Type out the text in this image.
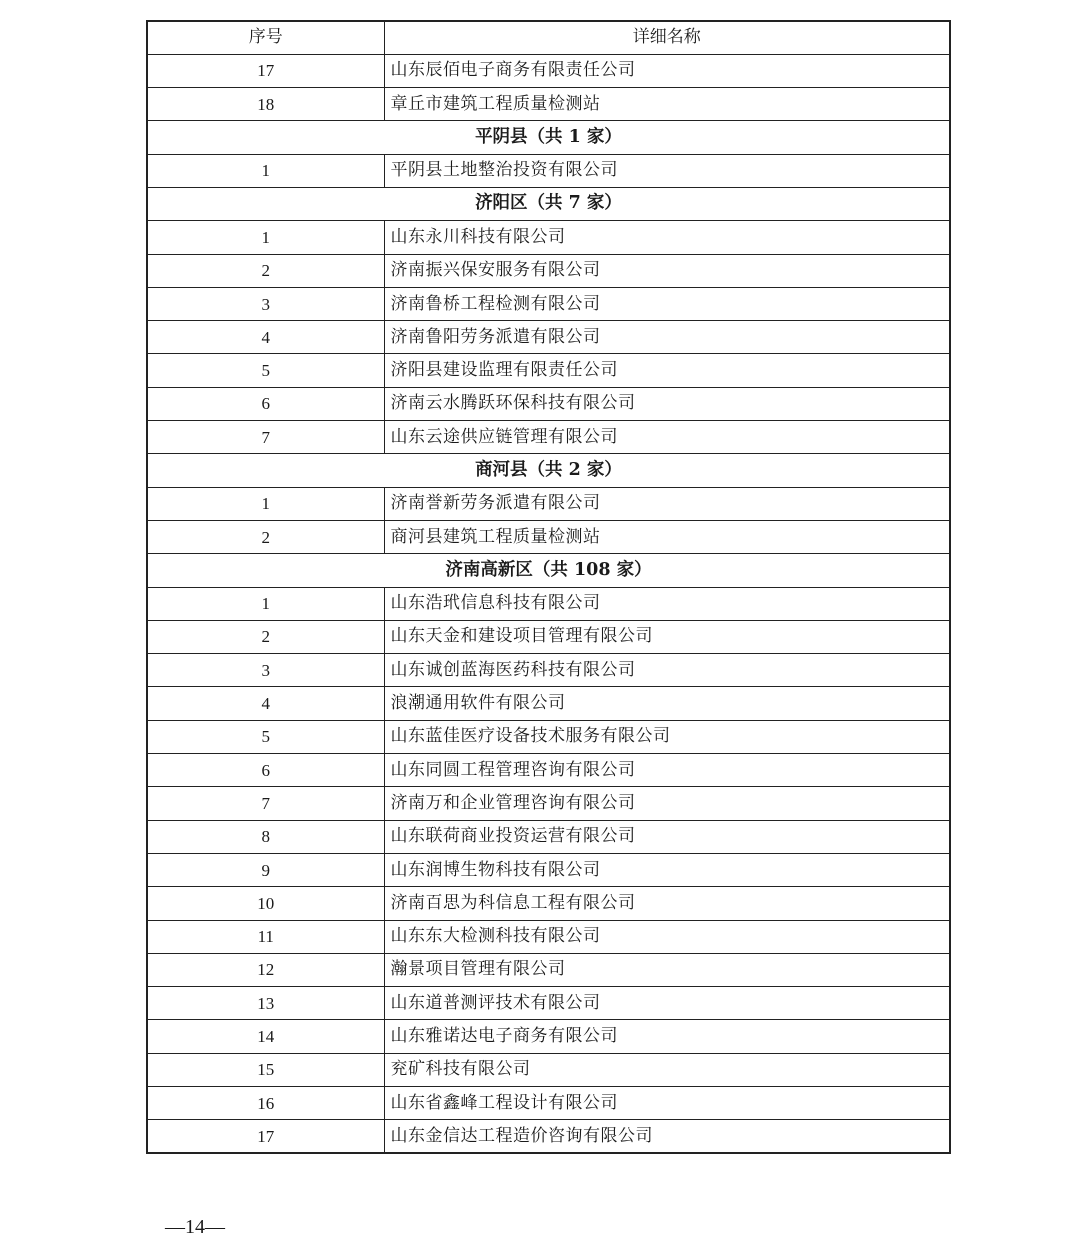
序号	详细名称
17	山东辰佰电子商务有限责任公司
18	章丘市建筑工程质量检测站
平阴县（共 1 家）	
1	平阴县土地整治投资有限公司
济阳区（共 7 家）	
1	山东永川科技有限公司
2	济南振兴保安服务有限公司
3	济南鲁桥工程检测有限公司
4	济南鲁阳劳务派遣有限公司
5	济阳县建设监理有限责任公司
6	济南云水腾跃环保科技有限公司
7	山东云途供应链管理有限公司
商河县（共 2 家）	
1	济南誉新劳务派遣有限公司
2	商河县建筑工程质量检测站
济南高新区（共 108 家）	
1	山东浩玳信息科技有限公司
2	山东天金和建设项目管理有限公司
3	山东诚创蓝海医药科技有限公司
4	浪潮通用软件有限公司
5	山东蓝佳医疗设备技术服务有限公司
6	山东同圆工程管理咨询有限公司
7	济南万和企业管理咨询有限公司
8	山东联荷商业投资运营有限公司
9	山东润博生物科技有限公司
10	济南百思为科信息工程有限公司
11	山东东大检测科技有限公司
12	瀚景项目管理有限公司
13	山东道普测评技术有限公司
14	山东雅诺达电子商务有限公司
15	兖矿科技有限公司
16	山东省鑫峰工程设计有限公司
17	山东金信达工程造价咨询有限公司
—14—
